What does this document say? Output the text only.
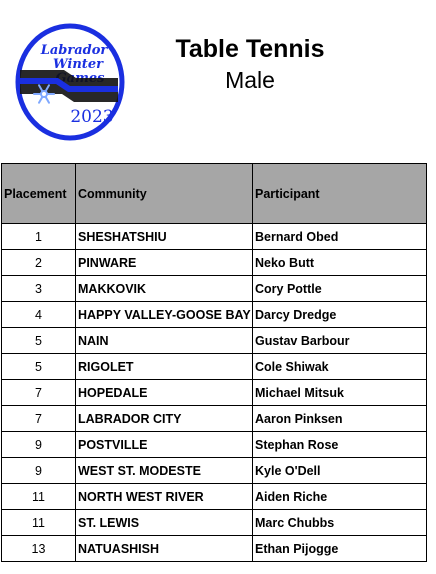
Labrador
Winter
2023
Table Tennis
Male
Placement	Community	Participant
1	SHESHATSHIU	Bernard Obed
2	PINWARE	Neko Butt
3	MAKKOVIK	Cory Pottle
4	HAPPY VALLEY-GOOSE BAY	Darcy Dredge
5	NAIN	Gustav Barbour
5	RIGOLET	Cole Shiwak
7	HOPEDALE	Michael Mitsuk
7	LABRADOR CITY	Aaron Pinksen
9	POSTVILLE	Stephan Rose
9	WEST ST. MODESTE	Kyle O'Dell
11	NORTH WEST RIVER	Aiden Riche
11	ST. LEWIS	Marc Chubbs
13	NATUASHISH	Ethan Pijogge
